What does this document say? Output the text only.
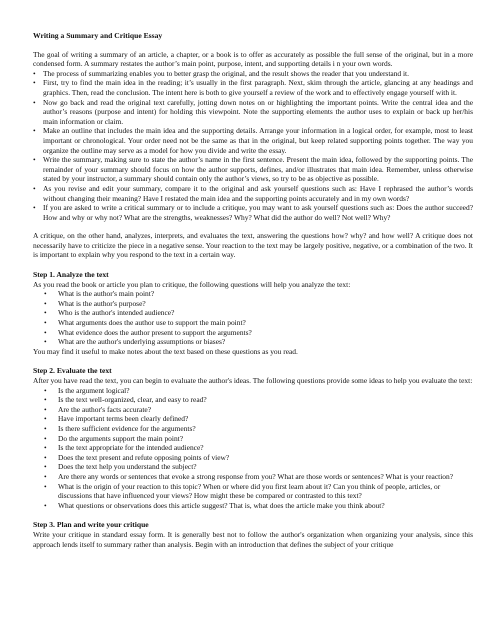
Writing a Summary and Critique Essay

The goal of writing a summary of an article, a chapter, or a book is to offer as accurately as possible the full sense of the original, but in a more condensed form. A summary restates the author’s main point, purpose, intent, and supporting details i n your own words.

• The process of summarizing enables you to better grasp the original, and the result shows the reader that you understand it.
• First, try to find the main idea in the reading; it’s usually in the first paragraph. Next, skim through the article, glancing at any headings and graphics. Then, read the conclusion. The intent here is both to give yourself a review of the work and to effectively engage yourself with it.
• Now go back and read the original text carefully, jotting down notes on or highlighting the important points. Write the central idea and the author’s reasons (purpose and intent) for holding this viewpoint. Note the supporting elements the author uses to explain or back up her/his main information or claim.
• Make an outline that includes the main idea and the supporting details. Arrange your information in a logical order, for example, most to least important or chronological. Your order need not be the same as that in the original, but keep related supporting points together. The way you organize the outline may serve as a model for how you divide and write the essay.
• Write the summary, making sure to state the author’s name in the first sentence. Present the main idea, followed by the supporting points. The remainder of your summary should focus on how the author supports, defines, and/or illustrates that main idea. Remember, unless otherwise stated by your instructor, a summary should contain only the author’s views, so try to be as objective as possible.
• As you revise and edit your summary, compare it to the original and ask yourself questions such as: Have I rephrased the author’s words without changing their meaning? Have I restated the main idea and the supporting points accurately and in my own words?
• If you are asked to write a critical summary or to include a critique, you may want to ask yourself questions such as: Does the author succeed? How and why or why not? What are the strengths, weaknesses? Why? What did the author do well? Not well? Why?

A critique, on the other hand, analyzes, interprets, and evaluates the text, answering the questions how? why? and how well? A critique does not necessarily have to criticize the piece in a negative sense. Your reaction to the text may be largely positive, negative, or a combination of the two. It is important to explain why you respond to the text in a certain way.

Step 1. Analyze the text

As you read the book or article you plan to critique, the following questions will help you analyze the text:

• What is the author's main point?
• What is the author's purpose?
• Who is the author's intended audience?
• What arguments does the author use to support the main point?
• What evidence does the author present to support the arguments?
• What are the author's underlying assumptions or biases?

You may find it useful to make notes about the text based on these questions as you read.

Step 2. Evaluate the text

After you have read the text, you can begin to evaluate the author's ideas. The following questions provide some ideas to help you evaluate the text:

• Is the argument logical?
• Is the text well-organized, clear, and easy to read?
• Are the author's facts accurate?
• Have important terms been clearly defined?
• Is there sufficient evidence for the arguments?
• Do the arguments support the main point?
• Is the text appropriate for the intended audience?
• Does the text present and refute opposing points of view?
• Does the text help you understand the subject?
• Are there any words or sentences that evoke a strong response from you? What are those words or sentences? What is your reaction?
• What is the origin of your reaction to this topic? When or where did you first learn about it? Can you think of people, articles, or discussions that have influenced your views? How might these be compared or contrasted to this text?
• What questions or observations does this article suggest? That is, what does the article make you think about?
Step 3. Plan and write your critique

Write your critique in standard essay form. It is generally best not to follow the author's organization when organizing your analysis, since this approach lends itself to summary rather than analysis. Begin with an introduction that defines the subject of your critique
